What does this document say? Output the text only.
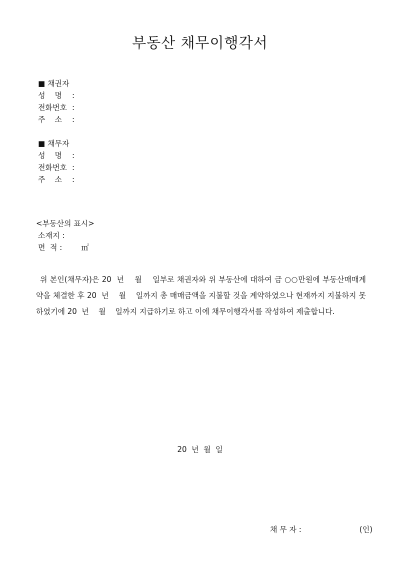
부동산 채무이행각서
■ 채권자
성    명 :
전화번호 :
주    소 :
■ 채무자
성    명 :
전화번호 :
주    소 :
<부동산의 표시>
소재지 :
면  적 :        ㎡
위 본인(채무자)은 20  년    월    일부로 채권자와 위 부동산에 대하여 금 ○○만원에 부동산매매계약을 체결한 후 20  년    월    일까지 총 매매금액을 지불할 것을 계약하였으나 현재까지 지불하지 못하였기에 20  년    월    일까지 지급하기로 하고 이에 채무이행각서를 작성하여 제출합니다.
20  년  월  일
채 무 자 :	(인)
